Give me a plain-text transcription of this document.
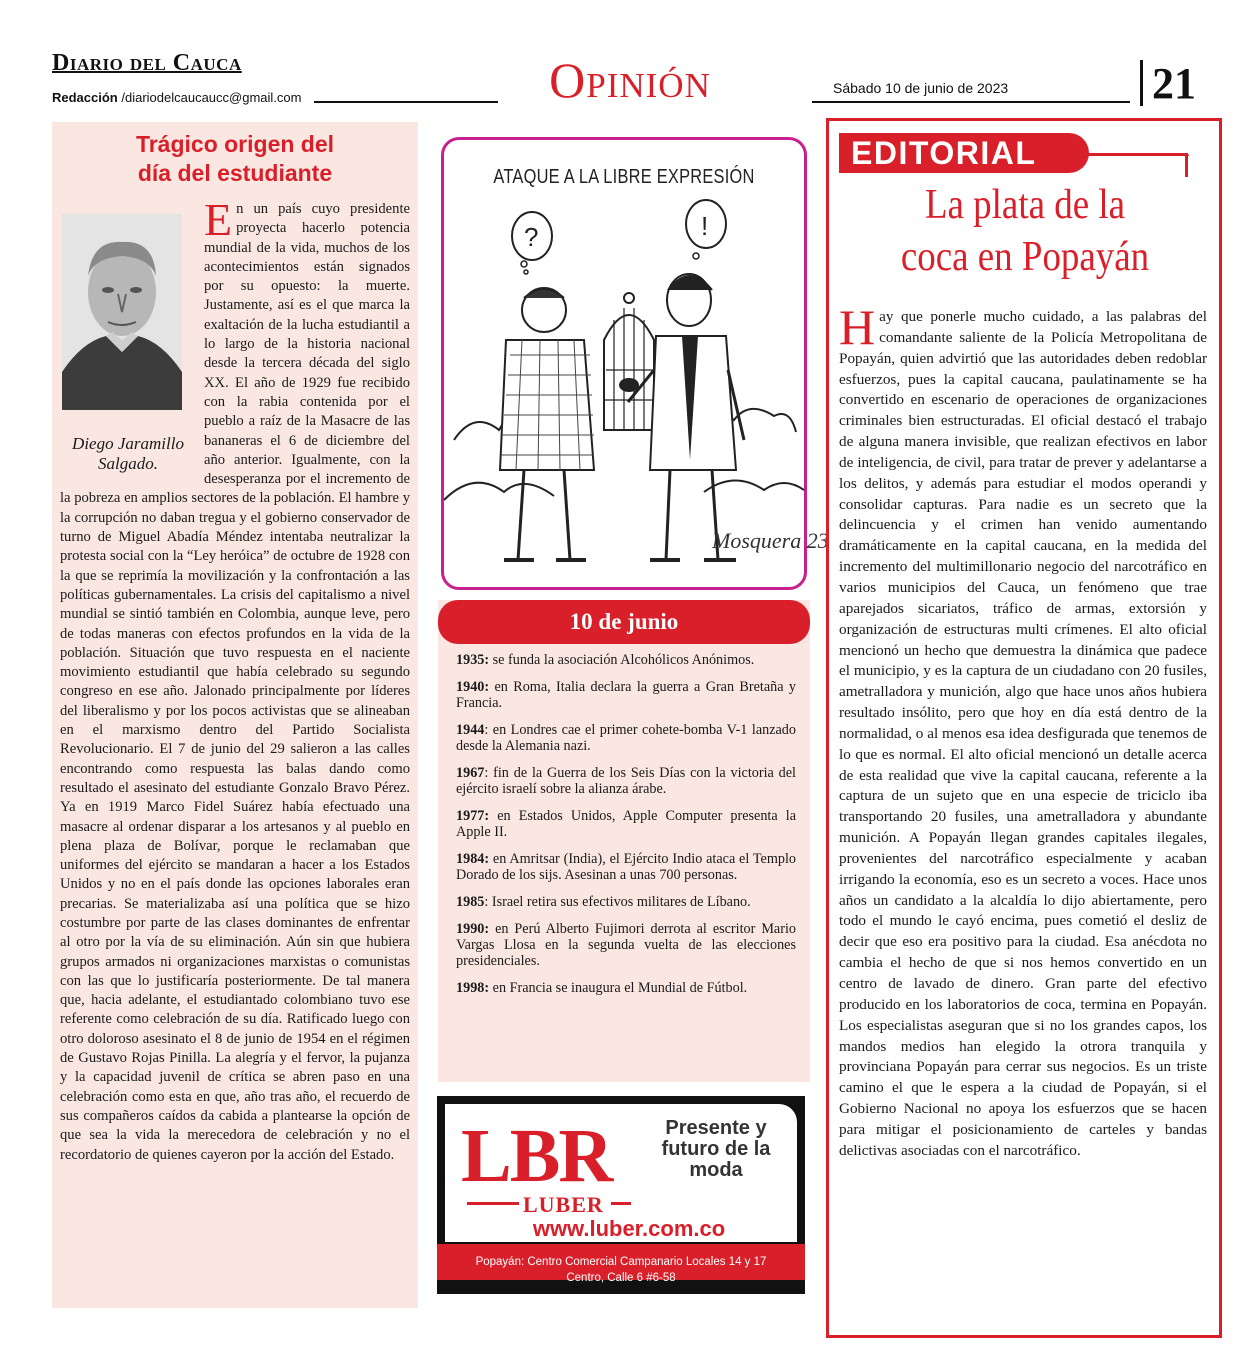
Diario del Cauca
Redacción /diariodelcaucaucc@gmail.com	Opinión	Sábado 10 de junio de 2023	21
Trágico origen del
día del estudiante
Diego Jaramillo Salgado.
E n un país cuyo presidente proyecta hacerlo potencia mundial de la vida, muchos de los acontecimientos están signados por su opuesto: la muerte. Justamente, así es el que marca la exaltación de la lucha estudiantil a lo largo de la historia nacional desde la tercera década del siglo XX. El año de 1929 fue recibido con la rabia contenida por el pueblo a raíz de la Masacre de las bananeras el 6 de diciembre del año anterior. Igualmente, con la desesperanza por el incremento de la pobreza en amplios sectores de la población. El hambre y la corrupción no daban tregua y el gobierno conservador de turno de Miguel Abadía Méndez intentaba neutralizar la protesta social con la “Ley heróica” de octubre de 1928 con la que se reprimía la movilización y la confrontación a las políticas gubernamentales. La crisis del capitalismo a nivel mundial se sintió también en Colombia, aunque leve, pero de todas maneras con efectos profundos en la vida de la población. Situación que tuvo respuesta en el naciente movimiento estudiantil que había celebrado su segundo congreso en ese año. Jalonado principalmente por líderes del liberalismo y por los pocos activistas que se alineaban en el marxismo dentro del Partido Socialista Revolucionario. El 7 de junio del 29 salieron a las calles encontrando como respuesta las balas dando como resultado el asesinato del estudiante Gonzalo Bravo Pérez. Ya en 1919 Marco Fidel Suárez había efectuado una masacre al ordenar disparar a los artesanos y al pueblo en plena plaza de Bolívar, porque le reclamaban que uniformes del ejército se mandaran a hacer a los Estados Unidos y no en el país donde las opciones laborales eran precarias. Se materializaba así una política que se hizo costumbre por parte de las clases dominantes de enfrentar al otro por la vía de su eliminación. Aún sin que hubiera grupos armados ni organizaciones marxistas o comunistas con las que lo justificaría posteriormente. De tal manera que, hacia adelante, el estudiantado colombiano tuvo ese referente como celebración de su día. Ratificado luego con otro doloroso asesinato el 8 de junio de 1954 en el régimen de Gustavo Rojas Pinilla. La alegría y el fervor, la pujanza y la capacidad juvenil de crítica se abren paso en una celebración como esta en que, año tras año, el recuerdo de sus compañeros caídos da cabida a plantearse la opción de que sea la vida la merecedora de celebración y no el recordatorio de quienes cayeron por la acción del Estado.
?	!
Mosquera 23
ATAQUE A LA LIBRE EXPRESIÓN
10 de junio
1935: se funda la asociación Alcohólicos Anónimos.
1940: en Roma, Italia declara la guerra a Gran Bretaña y Francia.
1944: en Londres cae el primer cohete-bomba V-1 lanzado desde la Alemania nazi.
1967: fin de la Guerra de los Seis Días con la victoria del ejército israelí sobre la alianza árabe.
1977: en Estados Unidos, Apple Computer presenta la Apple II.
1984: en Amritsar (India), el Ejército Indio ataca el Templo Dorado de los sijs. Asesinan a unas 700 personas.
1985: Israel retira sus efectivos militares de Líbano.
1990: en Perú Alberto Fujimori derrota al escritor Mario Vargas Llosa en la segunda vuelta de las elecciones presidenciales.
1998: en Francia se inaugura el Mundial de Fútbol.
LBR
LUBER
Presente y futuro de la moda
www.luber.com.co
Popayán: Centro Comercial Campanario Locales 14 y 17
Centro, Calle 6 #6-58
EDITORIAL
La plata de la
coca en Popayán
Hay que ponerle mucho cuidado, a las palabras del comandante saliente de la Policía Metropolitana de Popayán, quien advirtió que las autoridades deben redoblar esfuerzos, pues la capital caucana, paulatinamente se ha convertido en escenario de operaciones de organizaciones criminales bien estructuradas. El oficial destacó el trabajo de alguna manera invisible, que realizan efectivos en labor de inteligencia, de civil, para tratar de prever y adelantarse a los delitos, y además para estudiar el modos operandi y consolidar capturas. Para nadie es un secreto que la delincuencia y el crimen han venido aumentando dramáticamente en la capital caucana, en la medida del incremento del multimillonario negocio del narcotráfico en varios municipios del Cauca, un fenómeno que trae aparejados sicariatos, tráfico de armas, extorsión y organización de estructuras multi crímenes. El alto oficial mencionó un hecho que demuestra la dinámica que padece el municipio, y es la captura de un ciudadano con 20 fusiles, ametralladora y munición, algo que hace unos años hubiera resultado insólito, pero que hoy en día está dentro de la normalidad, o al menos esa idea desfigurada que tenemos de lo que es normal. El alto oficial mencionó un detalle acerca de esta realidad que vive la capital caucana, referente a la captura de un sujeto que en una especie de triciclo iba transportando 20 fusiles, una ametralladora y abundante munición. A Popayán llegan grandes capitales ilegales, provenientes del narcotráfico especialmente y acaban irrigando la economía, eso es un secreto a voces. Hace unos años un candidato a la alcaldía lo dijo abiertamente, pero todo el mundo le cayó encima, pues cometió el desliz de decir que eso era positivo para la ciudad. Esa anécdota no cambia el hecho de que si nos hemos convertido en un centro de lavado de dinero. Gran parte del efectivo producido en los laboratorios de coca, termina en Popayán. Los especialistas aseguran que si no los grandes capos, los mandos medios han elegido la otrora tranquila y provinciana Popayán para cerrar sus negocios. Es un triste camino el que le espera a la ciudad de Popayán, si el Gobierno Nacional no apoya los esfuerzos que se hacen para mitigar el posicionamiento de carteles y bandas delictivas asociadas con el narcotráfico.
